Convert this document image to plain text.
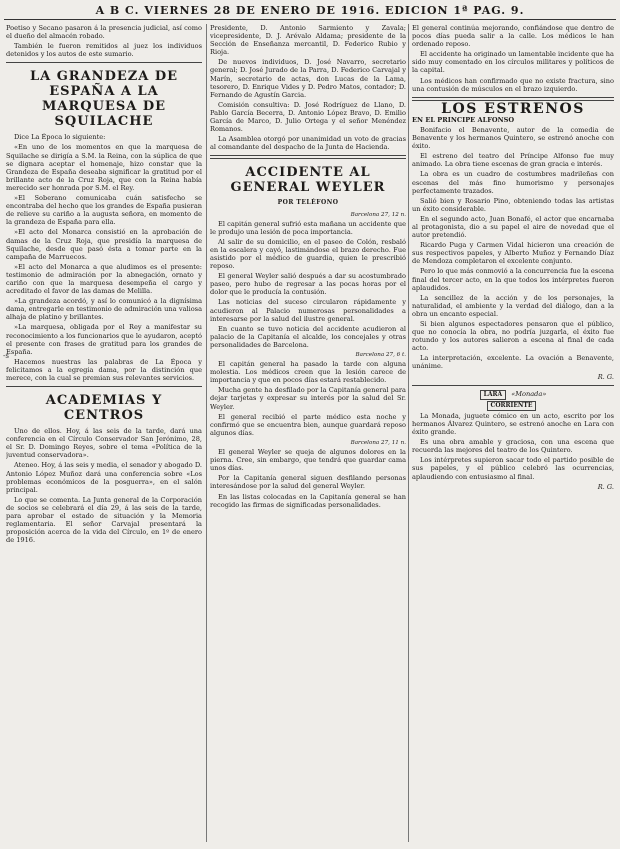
A B C. VIERNES 28 DE ENERO DE 1916. EDICION 1ª PAG. 9.
-s

Poetiso y Secano pasaron á la presencia judicial, así como el dueño del almacén robado.

También le fueron remitidos al juez los individuos detenidos y los autos de este sumario.

LA GRANDEZA DE ESPAÑA A LA MARQUESA DE SQUILACHE

Dice La Época lo siguiente:

«En uno de los momentos en que la marquesa de Squilache se dirigía a S.M. la Reina, con la súplica de que se dignara aceptar el homenaje, hizo constar que la Grandeza de España deseaba significar la gratitud por el brillante acto de la Cruz Roja, que con la Reina había merecido ser honrada por S.M. el Rey.

»El Soberano comunicaba cuán satisfecho se encontraba del hecho que los grandes de España pusieran de relieve su cariño a la augusta señora, en momento de la grandeza de España para ella.

»El acto del Monarca consistió en la aprobación de damas de la Cruz Roja, que presidía la marquesa de Squilache, desde que pasó ésta a tomar parte en la campaña de Marruecos.

»El acto del Monarca a que aludimos es el presente: testimonio de admiración por la abnegación, ornato y cariño con que la marquesa desempeña el cargo y acreditado el favor de las damas de Melilla.

»La grandeza acordó, y así lo comunicó a la dignísima dama, entregarle en testimonio de admiración una valiosa alhaja de platino y brillantes.

»La marquesa, obligada por el Rey a manifestar su reconocimiento a los funcionarios que le ayudaron, aceptó el presente con frases de gratitud para los grandes de España.

Hacemos nuestras las palabras de La Época y felicitamos a la egregia dama, por la distinción que merece, con la cual se premian sus relevantes servicios.

ACADEMIAS Y CENTROS

Uno de ellos. Hoy, á las seis de la tarde, dará una conferencia en el Círculo Conservador San Jerónimo, 28, el Sr. D. Domingo Reyes, sobre el tema «Política de la juventud conservadora».

Ateneo. Hoy, á las seis y media, el senador y abogado D. Antonio López Muñoz dará una conferencia sobre «Los problemas económicos de la posguerra», en el salón principal.

Lo que se comenta. La Junta general de la Corporación de socios se celebrará el día 29, á las seis de la tarde, para aprobar el estado de situación y la Memoria reglamentaria. El señor Carvajal presentará la proposición acerca de la vida del Círculo, en 1º de enero de 1916.

Presidente, D. Antonio Sarmiento y Zavala; vicepresidente, D. J. Arévalo Aldama; presidente de la Sección de Enseñanza mercantil, D. Federico Rubio y Rioja.

De nuevos individuos, D. José Navarro, secretario general; D. José Jurado de la Parra, D. Federico Carvajal y Marín, secretario de actas, don Lucas de la Lama, tesorero, D. Enrique Vides y D. Pedro Matos, contador; D. Fernando de Agustín Garcia.

Comisión consultiva: D. José Rodríguez de Llano, D. Pablo García Becerra, D. Antonio López Bravo, D. Emilio García de Marco, D. Julio Ortega y el señor Menéndez Romanos.

La Asamblea otorgó por unanimidad un voto de gracias al comandante del despacho de la Junta de Hacienda.

ACCIDENTE AL GENERAL WEYLER
POR TELÉFONO
Barcelona 27, 12 n.

El capitán general sufrió esta mañana un accidente que le produjo una lesión de poca importancia.

Al salir de su domicilio, en el paseo de Colón, resbaló en la escalera y cayó, lastimándose el brazo derecho. Fue asistido por el médico de guardia, quien le prescribió reposo.

El general Weyler salió después a dar su acostumbrado paseo, pero hubo de regresar a las pocas horas por el dolor que le producía la contusión.

Las noticias del suceso circularon rápidamente y acudieron al Palacio numerosas personalidades a interesarse por la salud del ilustre general.

En cuanto se tuvo noticia del accidente acudieron al palacio de la Capitanía el alcalde, los concejales y otras personalidades de Barcelona.

Barcelona 27, 6 t.

El capitán general ha pasado la tarde con alguna molestia. Los médicos creen que la lesión carece de importancia y que en pocos días estará restablecido.

Mucha gente ha desfilado por la Capitanía general para dejar tarjetas y expresar su interés por la salud del Sr. Weyler.

El general recibió el parte médico esta noche y confirmó que se encuentra bien, aunque guardará reposo algunos días.

Barcelona 27, 11 n.

El general Weyler se queja de algunos dolores en la pierna. Cree, sin embargo, que tendrá que guardar cama unos días.

Por la Capitanía general siguen desfilando personas interesándose por la salud del general Weyler.

En las listas colocadas en la Capitanía general se han recogido las firmas de significadas personalidades.

El general continúa mejorando, confiándose que dentro de pocos días pueda salir a la calle. Los médicos le han ordenado reposo.

El accidente ha originado un lamentable incidente que ha sido muy comentado en los círculos militares y políticos de la capital.

Los médicos han confirmado que no existe fractura, sino una contusión de músculos en el brazo izquierdo.

LOS ESTRENOS

EN EL PRINCIPE ALFONSO

Bonifacio el Benavente, autor de la comedia de Benavente y los hermanos Quintero, se estrenó anoche con éxito.

El estreno del teatro del Príncipe Alfonso fue muy animado. La obra tiene escenas de gran gracia e interés.

La obra es un cuadro de costumbres madrileñas con escenas del más fino humorismo y personajes perfectamente trazados.

Salió bien y Rosario Pino, obteniendo todas las artistas un éxito considerable.

En el segundo acto, Juan Bonafé, el actor que encarnaba al protagonista, dio a su papel el aire de novedad que el autor pretendió.

Ricardo Puga y Carmen Vidal hicieron una creación de sus respectivos papeles, y Alberto Muñoz y Fernando Díaz de Mendoza completaron el excelente conjunto.

Pero lo que más conmovió a la concurrencia fue la escena final del tercer acto, en la que todos los intérpretes fueron aplaudidos.

La sencillez de la acción y de los personajes, la naturalidad, el ambiente y la verdad del diálogo, dan a la obra un encanto especial.

Si bien algunos espectadores pensaron que el público, que no conocía la obra, no podría juzgarla, el éxito fue rotundo y los autores salieron a escena al final de cada acto.

La interpretación, excelente. La ovación a Benavente, unánime.

R. G.
LARA «Monada»
CORRIENTE

La Monada, juguete cómico en un acto, escrito por los hermanos Álvarez Quintero, se estrenó anoche en Lara con éxito grande.

Es una obra amable y graciosa, con una escena que recuerda las mejores del teatro de los Quintero.

Los intérpretes supieron sacar todo el partido posible de sus papeles, y el público celebró las ocurrencias, aplaudiendo con entusiasmo al final.

R. G.
